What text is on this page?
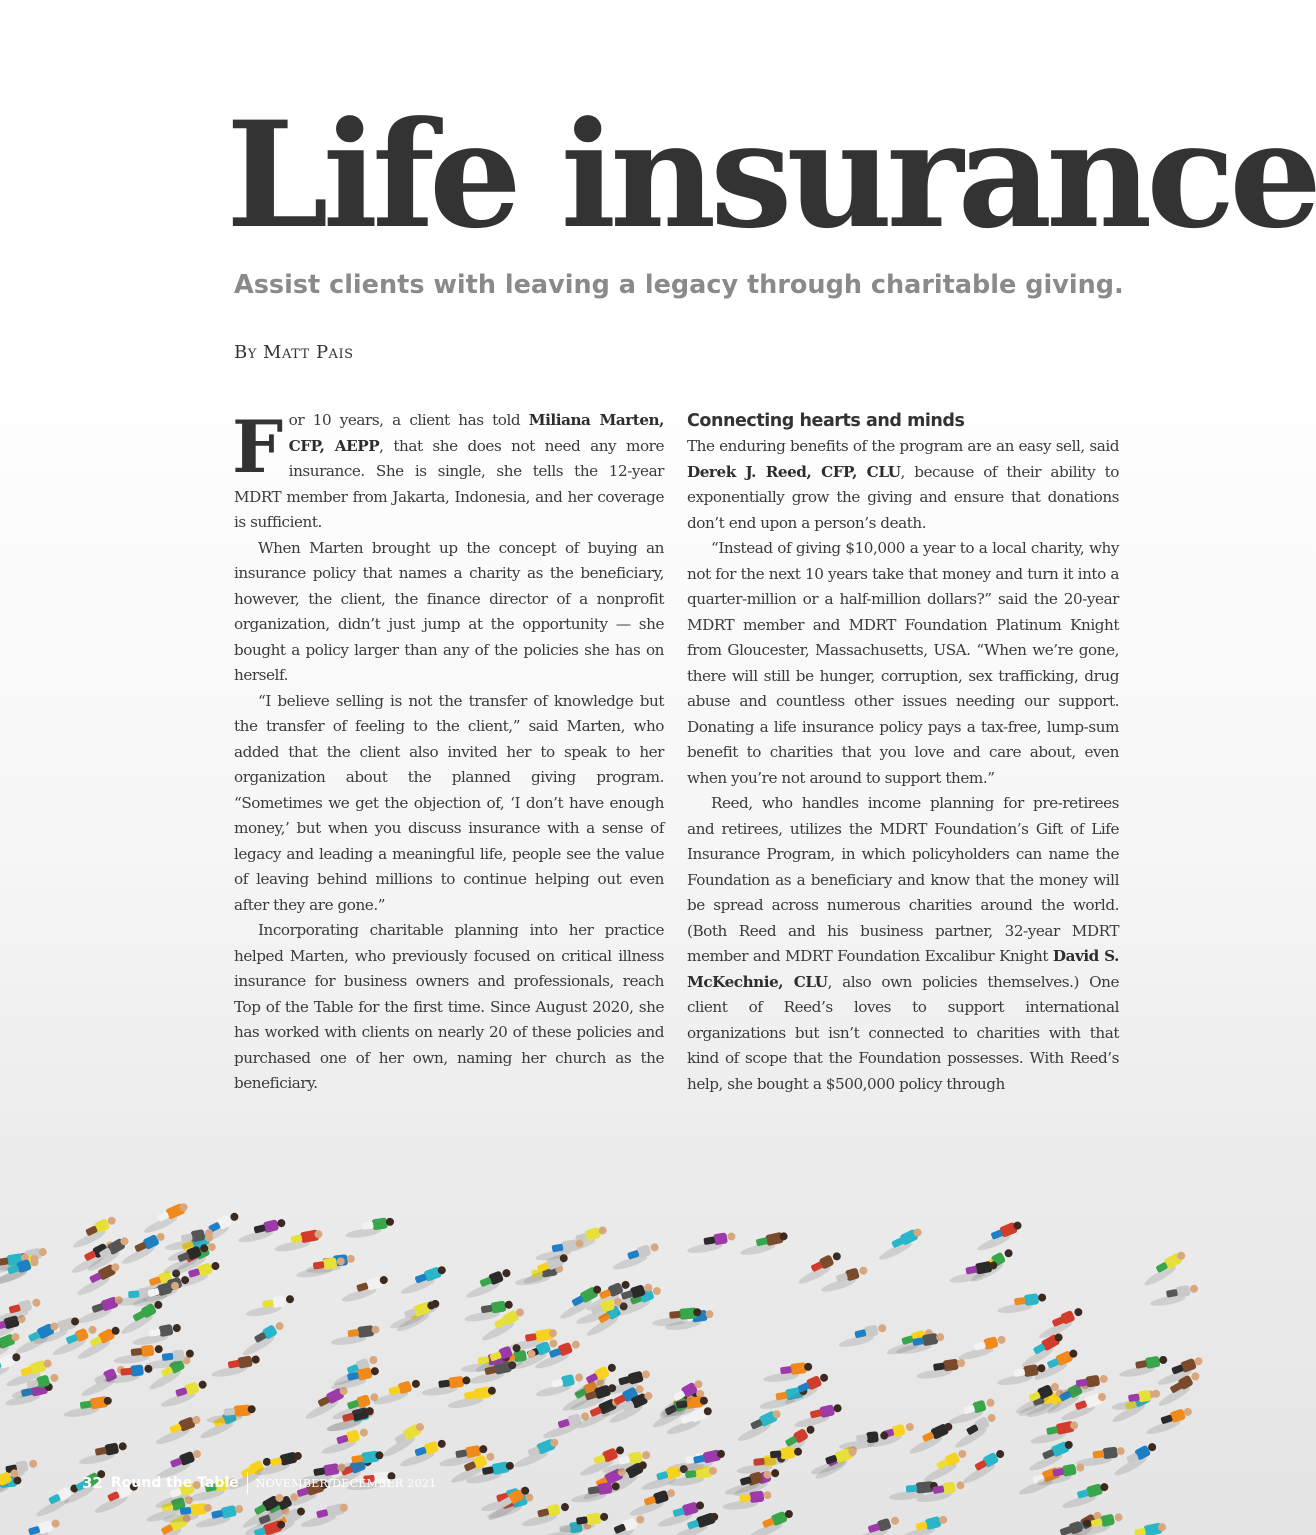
Life insurance

Assist clients with leaving a legacy through charitable giving.

By Matt Pais

For 10 years, a client has told Miliana Marten, CFP, AEPP, that she does not need any more insurance. She is single, she tells the 12-year MDRT member from Jakarta, Indonesia, and her coverage is sufficient.

When Marten brought up the concept of buying an insurance policy that names a charity as the beneficiary, however, the client, the finance director of a nonprofit organization, didn’t just jump at the opportunity — she bought a policy larger than any of the policies she has on herself.

“I believe selling is not the transfer of knowledge but the transfer of feeling to the client,” said Marten, who added that the client also invited her to speak to her organization about the planned giving program. “Sometimes we get the objection of, ‘I don’t have enough money,’ but when you discuss insurance with a sense of legacy and leading a meaningful life, people see the value of leaving behind millions to continue helping out even after they are gone.”

Incorporating charitable planning into her practice helped Marten, who previously focused on critical illness insurance for business owners and professionals, reach Top of the Table for the first time. Since August 2020, she has worked with clients on nearly 20 of these policies and purchased one of her own, naming her church as the beneficiary.

Connecting hearts and minds

The enduring benefits of the program are an easy sell, said Derek J. Reed, CFP, CLU, because of their ability to exponentially grow the giving and ensure that donations don’t end upon a person’s death.

“Instead of giving $10,000 a year to a local charity, why not for the next 10 years take that money and turn it into a quarter-million or a half-million dollars?” said the 20-year MDRT member and MDRT Foundation Platinum Knight from Gloucester, Massachusetts, USA. “When we’re gone, there will still be hunger, corruption, sex trafficking, drug abuse and countless other issues needing our support. Donating a life insurance policy pays a tax-free, lump-sum benefit to charities that you love and care about, even when you’re not around to support them.”

Reed, who handles income planning for pre-retirees and retirees, utilizes the MDRT Foundation’s Gift of Life Insurance Program, in which policyholders can name the Foundation as a beneficiary and know that the money will be spread across numerous charities around the world. (Both Reed and his business partner, 32-year MDRT member and MDRT Foundation Excalibur Knight David S. McKechnie, CLU, also own policies themselves.) One client of Reed’s loves to support international organizations but isn’t connected to charities with that kind of scope that the Foundation possesses. With Reed’s help, she bought a $500,000 policy through

32 Round the Table NOVEMBER/DECEMBER 2021
